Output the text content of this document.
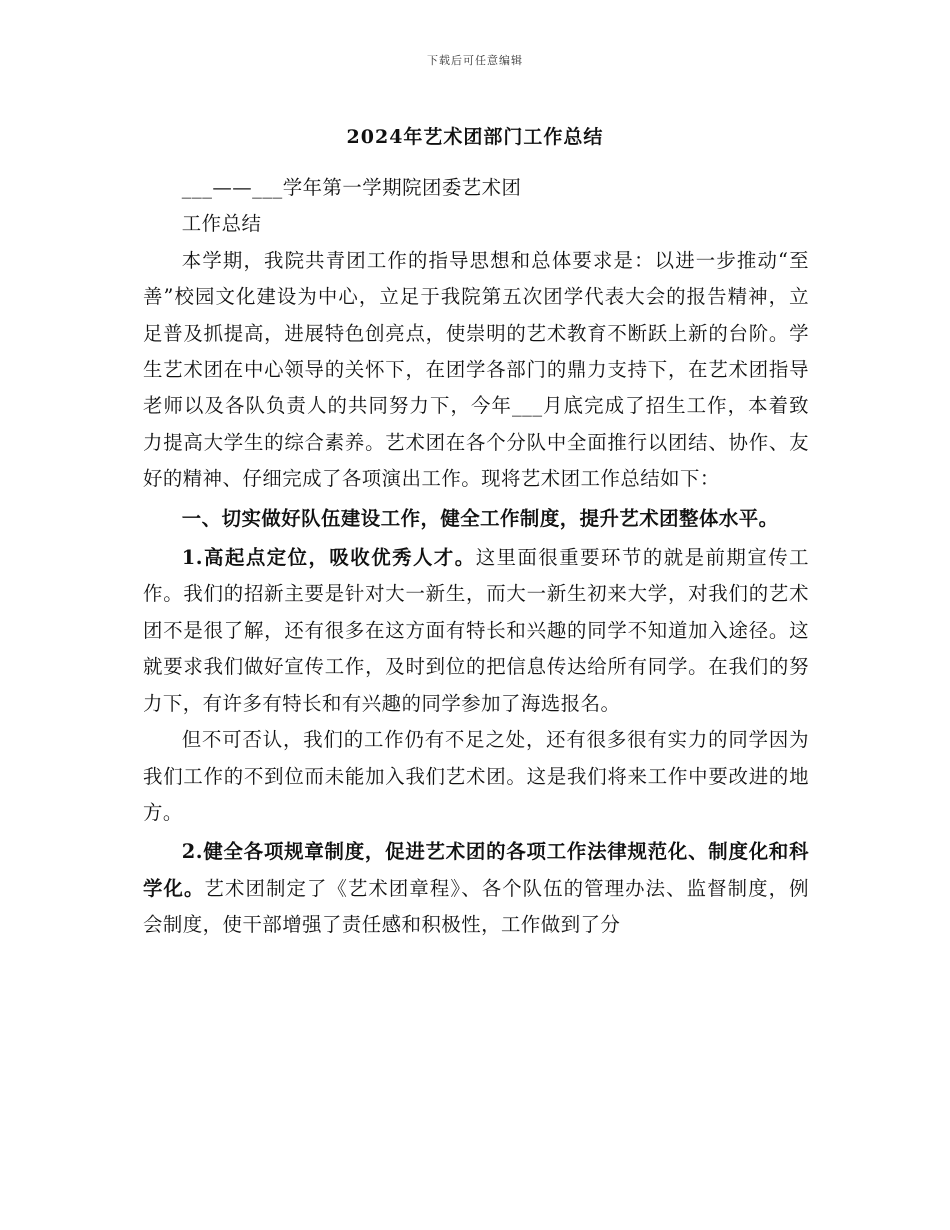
下载后可任意编辑
2024年艺术团部门工作总结

___——___学年第一学期院团委艺术团

工作总结

本学期，我院共青团工作的指导思想和总体要求是：以进一步推动“至善”校园文化建设为中心，立足于我院第五次团学代表大会的报告精神，立足普及抓提高，进展特色创亮点，使崇明的艺术教育不断跃上新的台阶。学生艺术团在中心领导的关怀下，在团学各部门的鼎力支持下，在艺术团指导老师以及各队负责人的共同努力下，今年___月底完成了招生工作，本着致力提高大学生的综合素养。艺术团在各个分队中全面推行以团结、协作、友好的精神、仔细完成了各项演出工作。现将艺术团工作总结如下：

一、切实做好队伍建设工作，健全工作制度，提升艺术团整体水平。

1.高起点定位，吸收优秀人才。这里面很重要环节的就是前期宣传工作。我们的招新主要是针对大一新生，而大一新生初来大学，对我们的艺术团不是很了解，还有很多在这方面有特长和兴趣的同学不知道加入途径。这就要求我们做好宣传工作，及时到位的把信息传达给所有同学。在我们的努力下，有许多有特长和有兴趣的同学参加了海选报名。

但不可否认，我们的工作仍有不足之处，还有很多很有实力的同学因为我们工作的不到位而未能加入我们艺术团。这是我们将来工作中要改进的地方。

2.健全各项规章制度，促进艺术团的各项工作法律规范化、制度化和科学化。艺术团制定了《艺术团章程》、各个队伍的管理办法、监督制度，例会制度，使干部增强了责任感和积极性，工作做到了分
